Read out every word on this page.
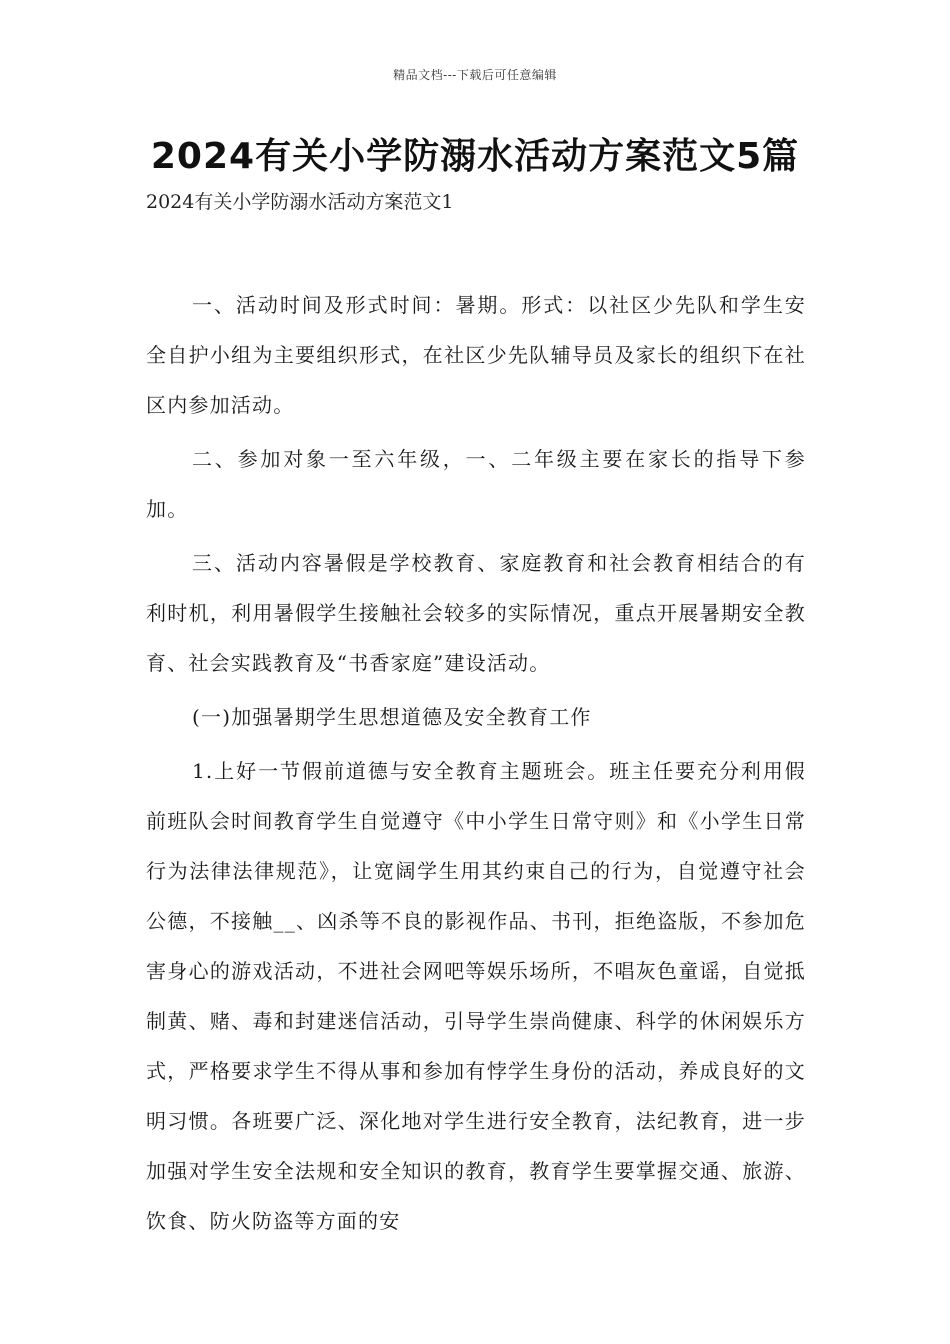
精品文档---下载后可任意编辑
2024有关小学防溺水活动方案范文5篇

2024有关小学防溺水活动方案范文1

一、活动时间及形式时间：暑期。形式：以社区少先队和学生安全自护小组为主要组织形式，在社区少先队辅导员及家长的组织下在社区内参加活动。

二、参加对象一至六年级，一、二年级主要在家长的指导下参加。

三、活动内容暑假是学校教育、家庭教育和社会教育相结合的有利时机，利用暑假学生接触社会较多的实际情况，重点开展暑期安全教育、社会实践教育及“书香家庭”建设活动。

(一)加强暑期学生思想道德及安全教育工作

1.上好一节假前道德与安全教育主题班会。班主任要充分利用假前班队会时间教育学生自觉遵守《中小学生日常守则》和《小学生日常行为法律法律规范》，让宽阔学生用其约束自己的行为，自觉遵守社会公德，不接触__、凶杀等不良的影视作品、书刊，拒绝盗版，不参加危害身心的游戏活动，不进社会网吧等娱乐场所，不唱灰色童谣，自觉抵制黄、赌、毒和封建迷信活动，引导学生崇尚健康、科学的休闲娱乐方式，严格要求学生不得从事和参加有悖学生身份的活动，养成良好的文明习惯。各班要广泛、深化地对学生进行安全教育，法纪教育，进一步加强对学生安全法规和安全知识的教育，教育学生要掌握交通、旅游、饮食、防火防盗等方面的安
